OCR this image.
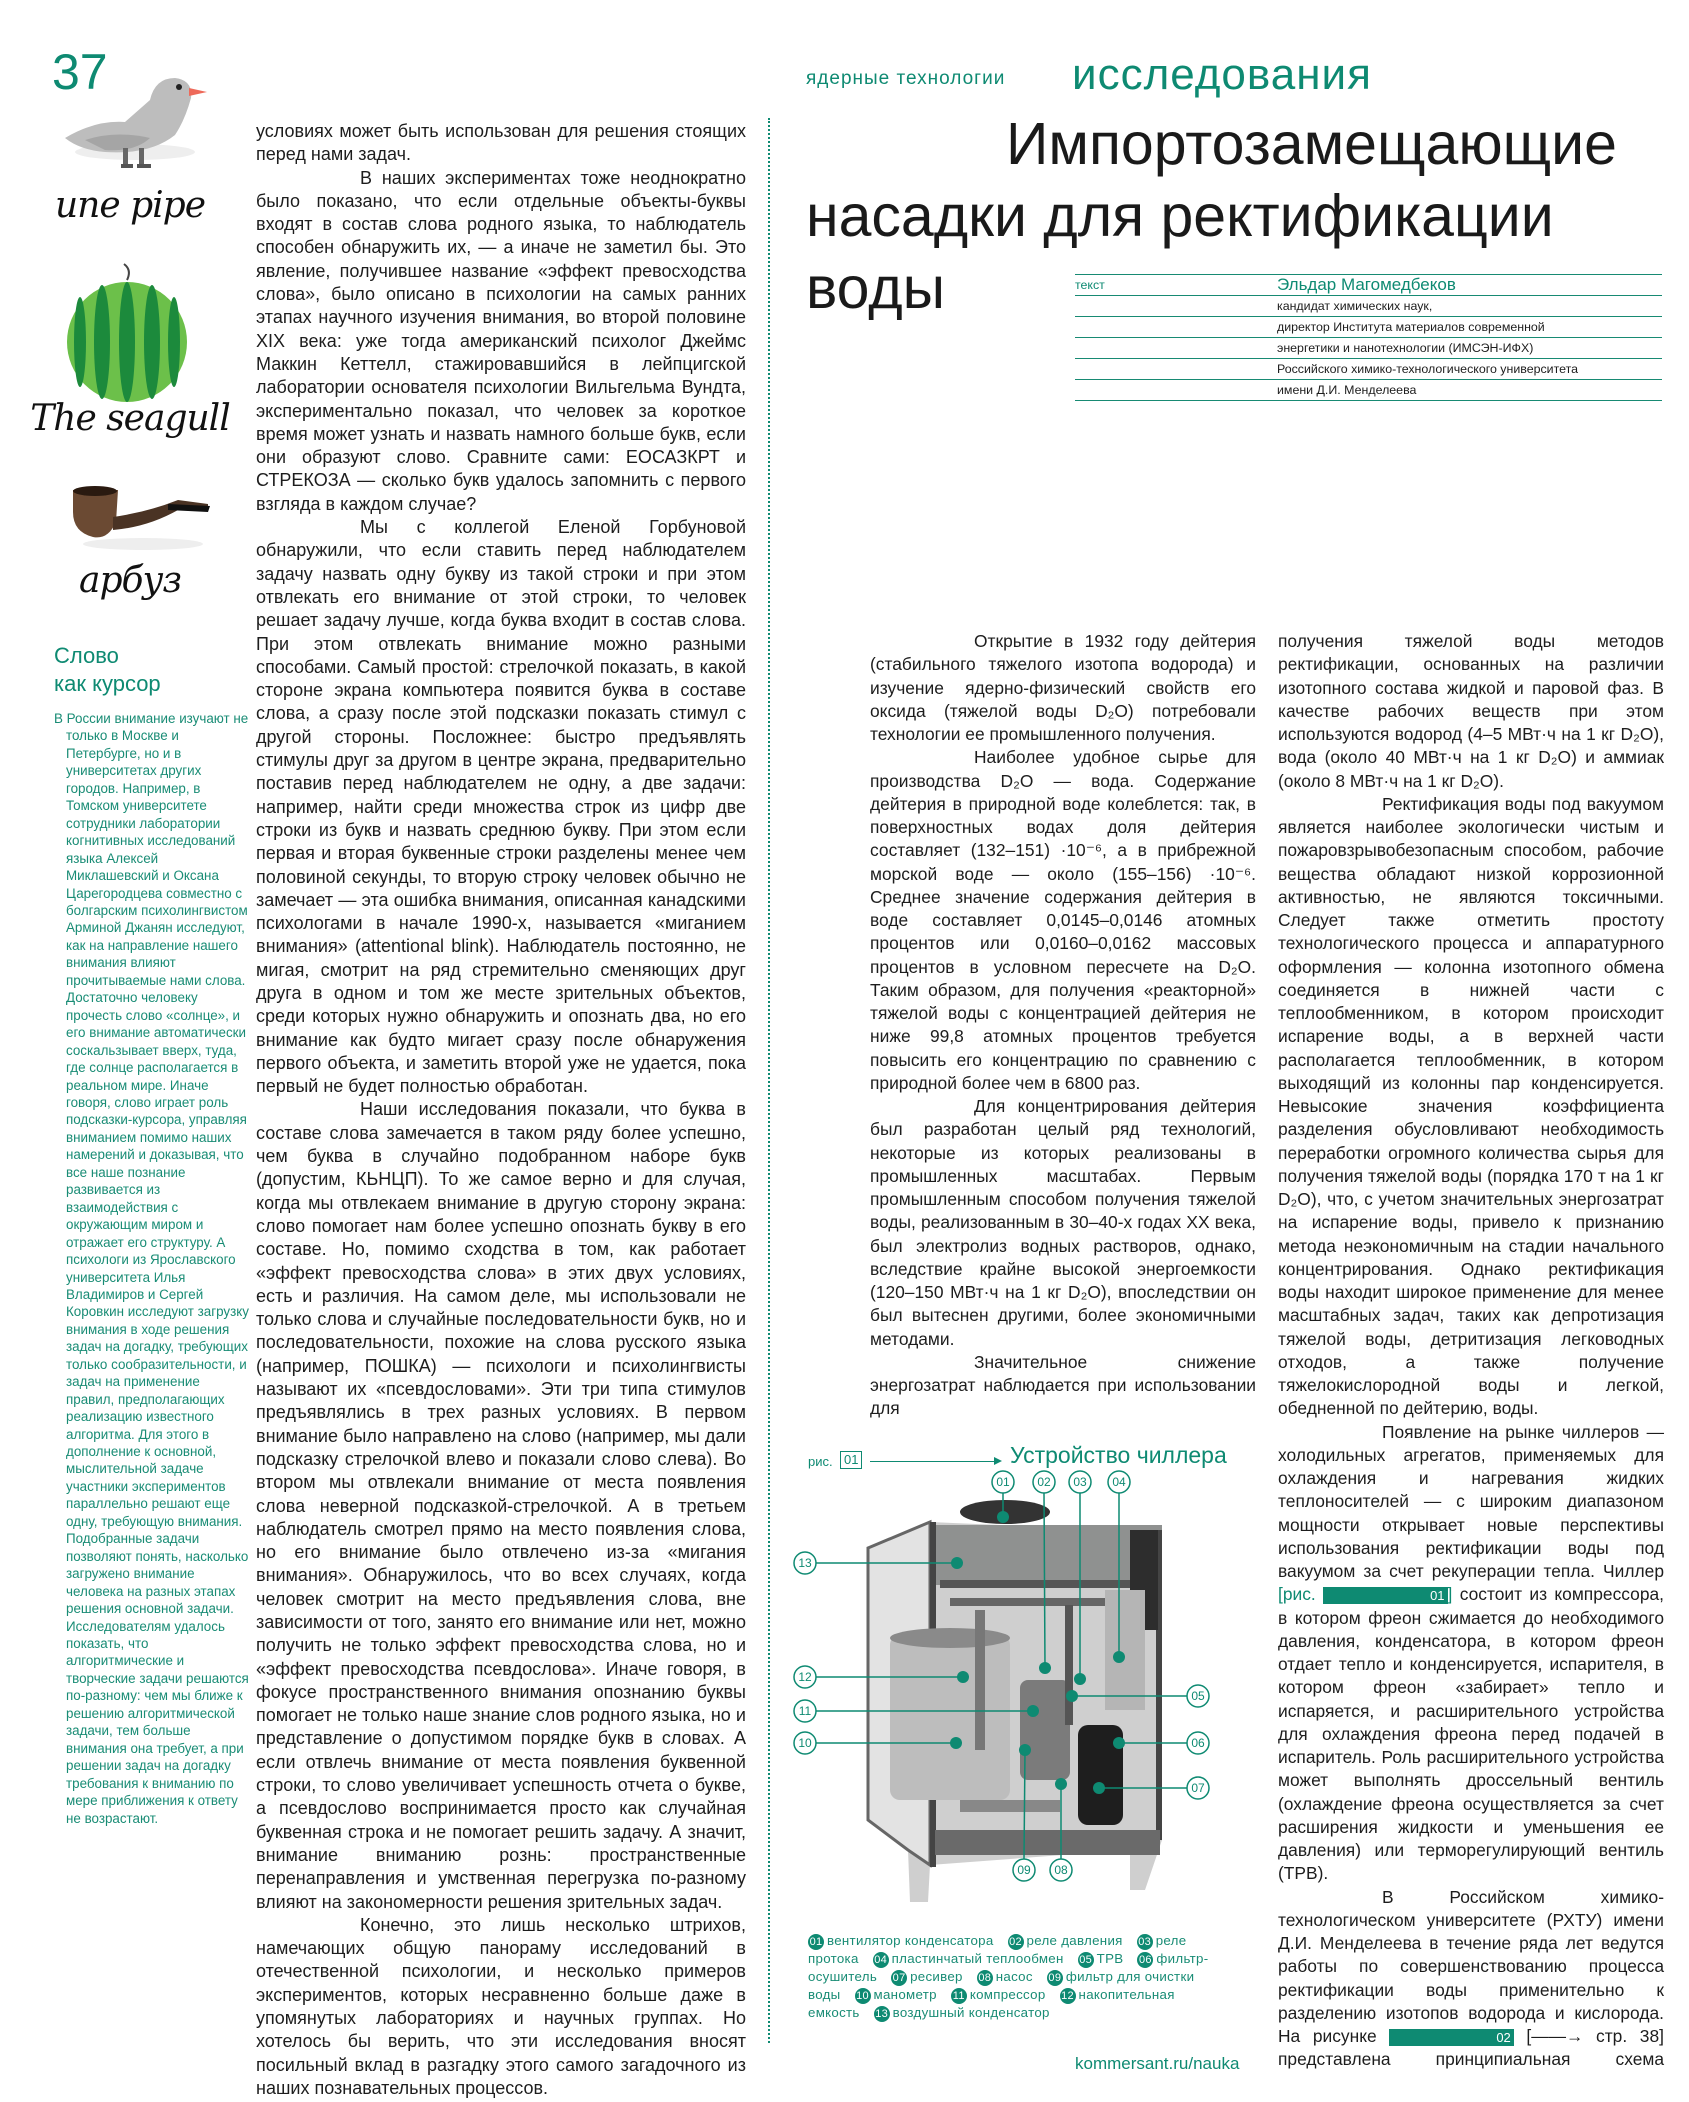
37
une pipe
The seagull
арбуз
Слово
как курсор
В России внимание изучают не только в Москве и Петербурге, но и в университетах других городов. Например, в Томском университете сотрудники лаборатории когнитивных исследований языка Алексей Миклашевский и Оксана Царегородцева совместно с болгарским психолингвистом Арминой Джанян исследуют, как на направление нашего внимания влияют прочитываемые нами слова. Достаточно человеку прочесть слово «солнце», и его внимание автоматически соскальзывает вверх, туда, где солнце располагается в реальном мире. Иначе говоря, слово играет роль подсказки-курсора, управляя вниманием помимо наших намерений и доказывая, что все наше познание развивается из взаимодействия с окружающим миром и отражает его структуру. А психологи из Ярославского университета Илья Владимиров и Сергей Коровкин исследуют загрузку внимания в ходе решения задач на догадку, требующих только сообразительности, и задач на применение правил, предполагающих реализацию известного алгоритма. Для этого в дополнение к основной, мыслительной задаче участники экспериментов параллельно решают еще одну, требующую внимания. Подобранные задачи позволяют понять, насколько загружено внимание человека на разных этапах решения основной задачи. Исследователям удалось показать, что алгоритмические и творческие задачи решаются по-разному: чем мы ближе к решению алгоритмической задачи, тем больше внимания она требует, а при решении задач на догадку требования к вниманию по мере приближения к ответу не возрастают.

условиях может быть использован для решения стоящих перед нами задач.

В наших экспериментах тоже неоднократно было показано, что если отдельные объекты-буквы входят в состав слова родного языка, то наблюдатель способен обнаружить их, — а иначе не заметил бы. Это явление, получившее название «эффект превосходства слова», было описано в психологии на самых ранних этапах научного изучения внимания, во второй половине XIX века: уже тогда американский психолог Джеймс Маккин Кеттелл, стажировавшийся в лейпцигской лаборатории основателя психологии Вильгельма Вундта, экспериментально показал, что человек за короткое время может узнать и назвать намного больше букв, если они образуют слово. Сравните сами: ЕОСАЗКРТ и СТРЕКОЗА — сколько букв удалось запомнить с первого взгляда в каждом случае?

Мы с коллегой Еленой Горбуновой обнаружили, что если ставить перед наблюдателем задачу назвать одну букву из такой строки и при этом отвлекать его внимание от этой строки, то человек решает задачу лучше, когда буква входит в состав слова. При этом отвлекать внимание можно разными способами. Самый простой: стрелочкой показать, в какой стороне экрана компьютера появится буква в составе слова, а сразу после этой подсказки показать стимул с другой стороны. Посложнее: быстро предъявлять стимулы друг за другом в центре экрана, предварительно поставив перед наблюдателем не одну, а две задачи: например, найти среди множества строк из цифр две строки из букв и назвать среднюю букву. При этом если первая и вторая буквенные строки разделены менее чем половиной секунды, то вторую строку человек обычно не замечает — эта ошибка внимания, описанная канадскими психологами в начале 1990-х, называется «миганием внимания» (attentional blink). Наблюдатель постоянно, не мигая, смотрит на ряд стремительно сменяющих друг друга в одном и том же месте зрительных объектов, среди которых нужно обнаружить и опознать два, но его внимание как будто мигает сразу после обнаружения первого объекта, и заметить второй уже не удается, пока первый не будет полностью обработан.

Наши исследования показали, что буква в составе слова замечается в таком ряду более успешно, чем буква в случайно подобранном наборе букв (допустим, КЬНЦП). То же самое верно и для случая, когда мы отвлекаем внимание в другую сторону экрана: слово помогает нам более успешно опознать букву в его составе. Но, помимо сходства в том, как работает «эффект превосходства слова» в этих двух условиях, есть и различия. На самом деле, мы использовали не только слова и случайные последовательности букв, но и последовательности, похожие на слова русского языка (например, ПОШКА) — психологи и психолингвисты называют их «псевдословами». Эти три типа стимулов предъявлялись в трех разных условиях. В первом внимание было направлено на слово (например, мы дали подсказку стрелочкой влево и показали слово слева). Во втором мы отвлекали внимание от места появления слова неверной подсказкой-стрелочкой. А в третьем наблюдатель смотрел прямо на место появления слова, но его внимание было отвлечено из-за «мигания внимания». Обнаружилось, что во всех случаях, когда человек смотрит на место предъявления слова, вне зависимости от того, занято его внимание или нет, можно получить не только эффект превосходства слова, но и «эффект превосходства псевдослова». Иначе говоря, в фокусе пространственного внимания опознанию буквы помогает не только наше знание слов родного языка, но и представление о допустимом порядке букв в словах. А если отвлечь внимание от места появления буквенной строки, то слово увеличивает успешность отчета о букве, а псевдослово воспринимается просто как случайная буквенная строка и не помогает решить задачу. А значит, внимание вниманию рознь: пространственные перенаправления и умственная перегрузка по-разному влияют на закономерности решения зрительных задач.

Конечно, это лишь несколько штрихов, намечающих общую панораму исследований в отечественной психологии, и несколько примеров экспериментов, которых несравненно больше даже в упомянутых лабораториях и научных группах. Но хотелось бы верить, что эти исследования вносят посильный вклад в разгадку этого самого загадочного из наших познавательных процессов.

ядерные технологии исследования
Импортозамещающие
насадки для ректификации
воды	текст	Эльдар Магомедбеков
кандидат химических наук,
директор Института материалов современной
энергетики и нанотехнологии (ИМСЭН-ИФХ)
Российского химико-технологического университета
имени Д.И. Менделеева

Открытие в 1932 году дейтерия (стабильного тяжелого изотопа водорода) и изучение ядерно-физический свойств его оксида (тяжелой воды D₂O) потребовали технологии ее промышленного получения.

Наиболее удобное сырье для производства D₂O — вода. Содержание дейтерия в природной воде колеблется: так, в поверхностных водах доля дейтерия составляет (132–151) ·10⁻⁶, а в прибрежной морской воде — около (155–156) ·10⁻⁶. Среднее значение содержания дейтерия в воде составляет 0,0145–0,0146 атомных процентов или 0,0160–0,0162 массовых процентов в условном пересчете на D₂O. Таким образом, для получения «реакторной» тяжелой воды с концентрацией дейтерия не ниже 99,8 атомных процентов требуется повысить его концентрацию по сравнению с природной более чем в 6800 раз.

Для концентрирования дейтерия был разработан целый ряд технологий, некоторые из которых реализованы в промышленных масштабах. Первым промышленным способом получения тяжелой воды, реализованным в 30–40-х годах XX века, был электролиз водных растворов, однако, вследствие крайне высокой энергоемкости (120–150 МВт·ч на 1 кг D₂O), впоследствии он был вытеснен другими, более экономичными методами.

Значительное снижение энергозатрат наблюдается при использовании для

получения тяжелой воды методов ректификации, основанных на различии изотопного состава жидкой и паровой фаз. В качестве рабочих веществ при этом используются водород (4–5 МВт·ч на 1 кг D₂O), вода (около 40 МВт·ч на 1 кг D₂O) и аммиак (около 8 МВт·ч на 1 кг D₂O).

Ректификация воды под вакуумом является наиболее экологически чистым и пожаровзрывобезопасным способом, рабочие вещества обладают низкой коррозионной активностью, не являются токсичными. Следует также отметить простоту технологического процесса и аппаратурного оформления — колонна изотопного обмена соединяется в нижней части с теплообменником, в котором происходит испарение воды, а в верхней части располагается теплообменник, в котором выходящий из колонны пар конденсируется. Невысокие значения коэффициента разделения обусловливают необходимость переработки огромного количества сырья для получения тяжелой воды (порядка 170 т на 1 кг D₂O), что, с учетом значительных энергозатрат на испарение воды, привело к признанию метода неэкономичным на стадии начального концентрирования. Однако ректификация воды находит широкое применение для менее масштабных задач, таких как депротизация тяжелой воды, детритизация легководных отходов, а также получение тяжелокислородной воды и легкой, обедненной по дейтерию, воды.

Появление на рынке чиллеров — холодильных агрегатов, применяемых для охлаждения и нагревания жидких теплоносителей — с широким диапазоном мощности открывает новые перспективы использования ректификации воды под вакуумом за счет рекуперации тепла. Чиллер [рис.	01 ] состоит из компрессора, в котором фреон сжимается до необходимого давления, конденсатора, в котором фреон отдает тепло и конденсируется, испарителя, в котором фреон «забирает» тепло и испаряется, и расширительного устройства для охлаждения фреона перед подачей в испаритель. Роль расширительного устройства может выполнять дроссельный вентиль (охлаждение фреона осуществляется за счет расширения жидкости и уменьшения ее давления) или терморегулирующий вентиль (ТРВ).

В Российском химико-технологическом университете (РХТУ) имени Д.И. Менделеева в течение ряда лет ведутся работы по совершенствованию процесса ректификации воды применительно к разделению изотопов водорода и кислорода. На рисунке	02 [——→ стр. 38] представлена принципиальная схема

рис. 01	Устройство чиллера
01 02 03 04
05
06
07
08
09
10
11
12
13
01 вентилятор конденсатора 02 реле давления 03 реле протока 04 пластинчатый теплообмен 05 ТРВ 06 фильтр-осушитель 07 ресивер 08 насос 09 фильтр для очистки воды 10 манометр 11 компрессор 12 накопительная емкость 13 воздушный конденсатор
kommersant.ru/nauka
